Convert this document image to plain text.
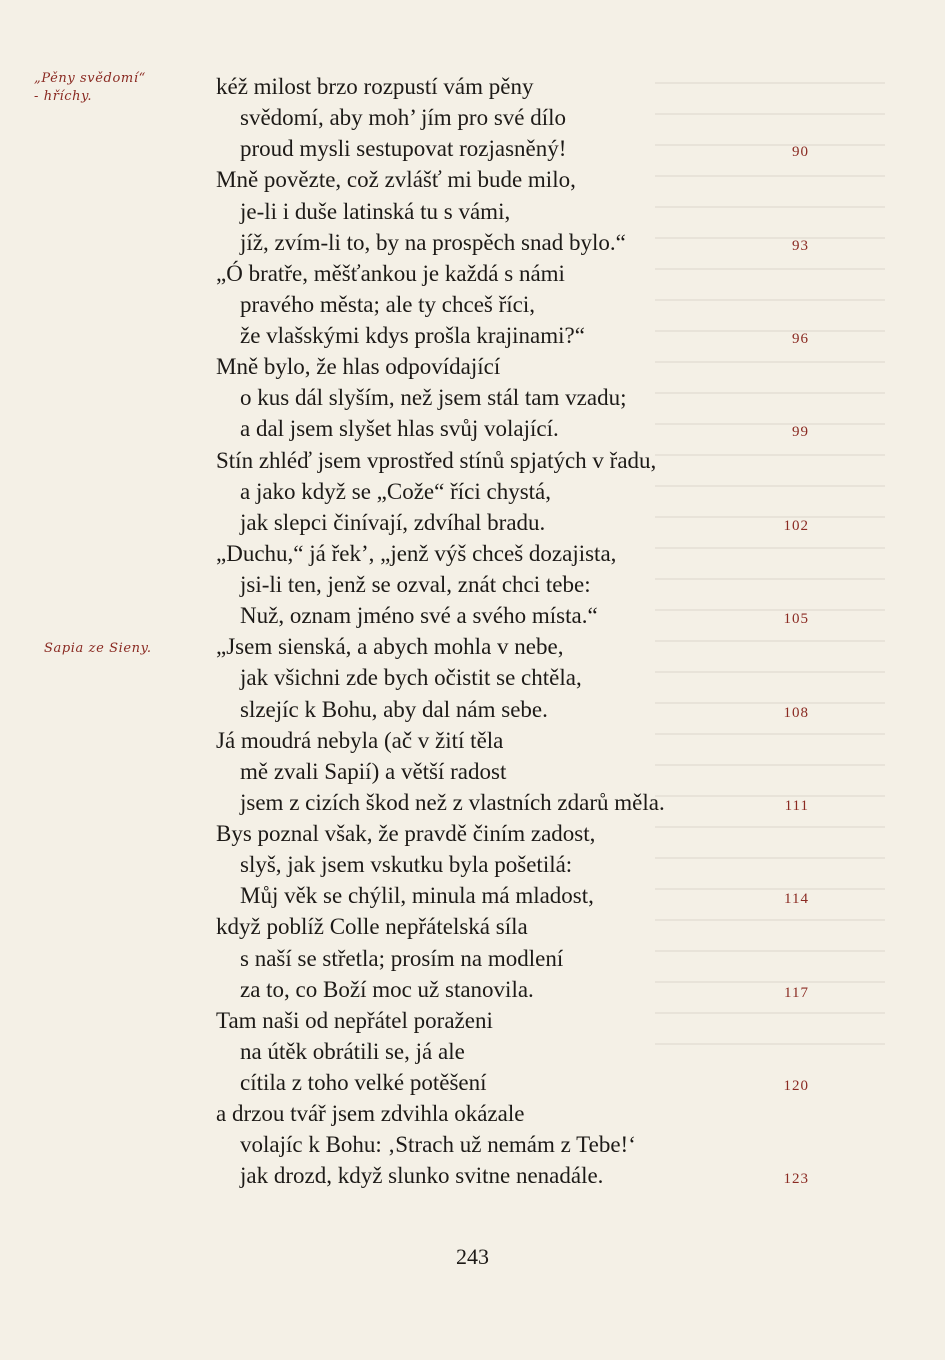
„Pěny svědomí“
- hříchy.
Sapia ze Sieny.
kéž milost brzo rozpustí vám pěny
svědomí, aby moh’ jím pro své dílo
proud mysli sestupovat rozjasněný!	90
Mně povězte, což zvlášť mi bude milo,
je-li i duše latinská tu s vámi,
jíž, zvím-li to, by na prospěch snad bylo.“	93
„Ó bratře, měšťankou je každá s námi
pravého města; ale ty chceš říci,
že vlašskými kdys prošla krajinami?“	96
Mně bylo, že hlas odpovídající
o kus dál slyším, než jsem stál tam vzadu;
a dal jsem slyšet hlas svůj volající.	99
Stín zhléď jsem vprostřed stínů spjatých v řadu,
a jako když se „Cože“ říci chystá,
jak slepci činívají, zdvíhal bradu.	102
„Duchu,“ já řek’, „jenž výš chceš dozajista,
jsi-li ten, jenž se ozval, znát chci tebe:
Nuž, oznam jméno své a svého místa.“	105
„Jsem sienská, a abych mohla v nebe,
jak všichni zde bych očistit se chtěla,
slzejíc k Bohu, aby dal nám sebe.	108
Já moudrá nebyla (ač v žití těla
mě zvali Sapií) a větší radost
jsem z cizích škod než z vlastních zdarů měla.	111
Bys poznal však, že pravdě činím zadost,
slyš, jak jsem vskutku byla pošetilá:
Můj věk se chýlil, minula má mladost,	114
když poblíž Colle nepřátelská síla
s naší se střetla; prosím na modlení
za to, co Boží moc už stanovila.	117
Tam naši od nepřátel poraženi
na útěk obrátili se, já ale
cítila z toho velké potěšení	120
a drzou tvář jsem zdvihla okázale
volajíc k Bohu: ‚Strach už nemám z Tebe!‘
jak drozd, když slunko svitne nenadále.	123
243
